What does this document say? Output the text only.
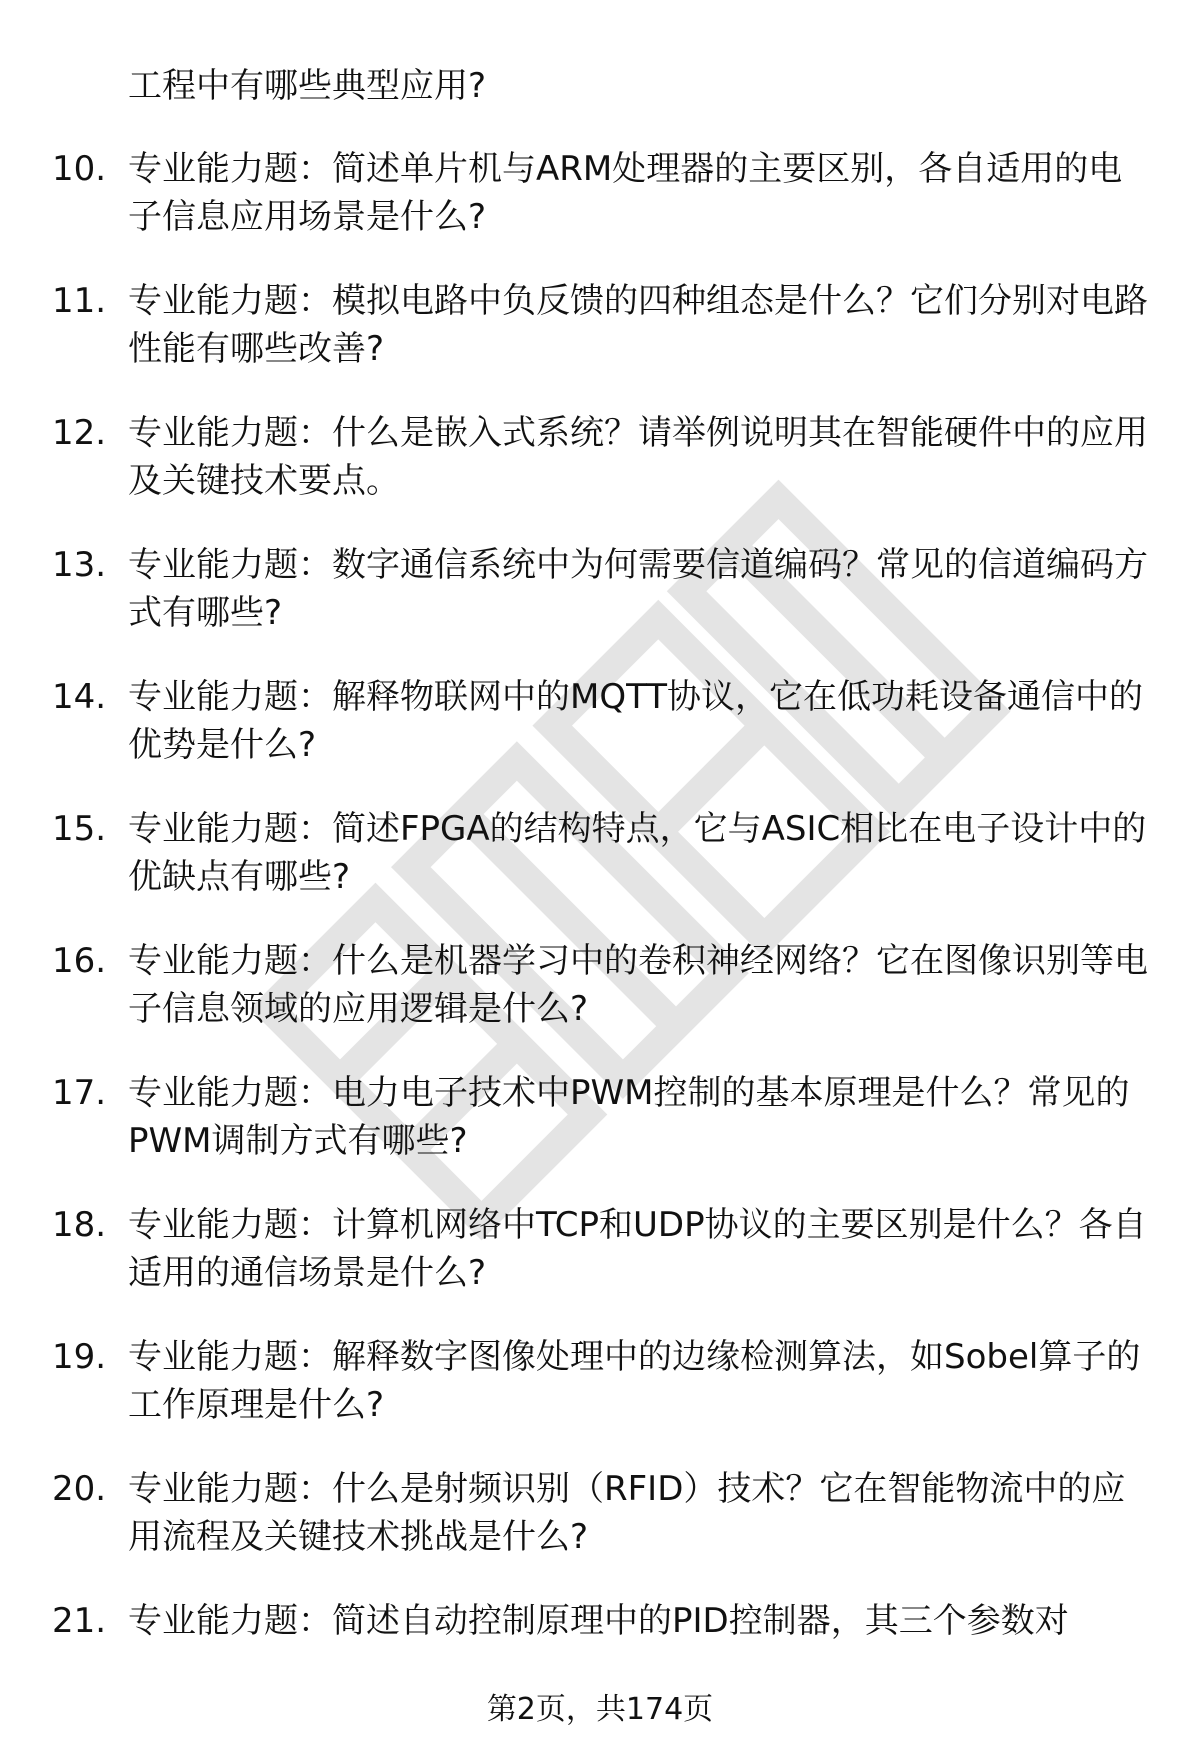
工程中有哪些典型应用?

10. 专业能力题：简述单片机与ARM处理器的主要区别，各自适用的电子信息应用场景是什么?

11. 专业能力题：模拟电路中负反馈的四种组态是什么？它们分别对电路性能有哪些改善?

12. 专业能力题：什么是嵌入式系统？请举例说明其在智能硬件中的应用及关键技术要点。

13. 专业能力题：数字通信系统中为何需要信道编码？常见的信道编码方式有哪些?

14. 专业能力题：解释物联网中的MQTT协议，它在低功耗设备通信中的优势是什么?

15. 专业能力题：简述FPGA的结构特点，它与ASIC相比在电子设计中的优缺点有哪些?

16. 专业能力题：什么是机器学习中的卷积神经网络？它在图像识别等电子信息领域的应用逻辑是什么?

17. 专业能力题：电力电子技术中PWM控制的基本原理是什么？常见的PWM调制方式有哪些?

18. 专业能力题：计算机网络中TCP和UDP协议的主要区别是什么？各自适用的通信场景是什么?

19. 专业能力题：解释数字图像处理中的边缘检测算法，如Sobel算子的工作原理是什么?

20. 专业能力题：什么是射频识别（RFID）技术？它在智能物流中的应用流程及关键技术挑战是什么?

21. 专业能力题：简述自动控制原理中的PID控制器，其三个参数对

第2页，共174页
